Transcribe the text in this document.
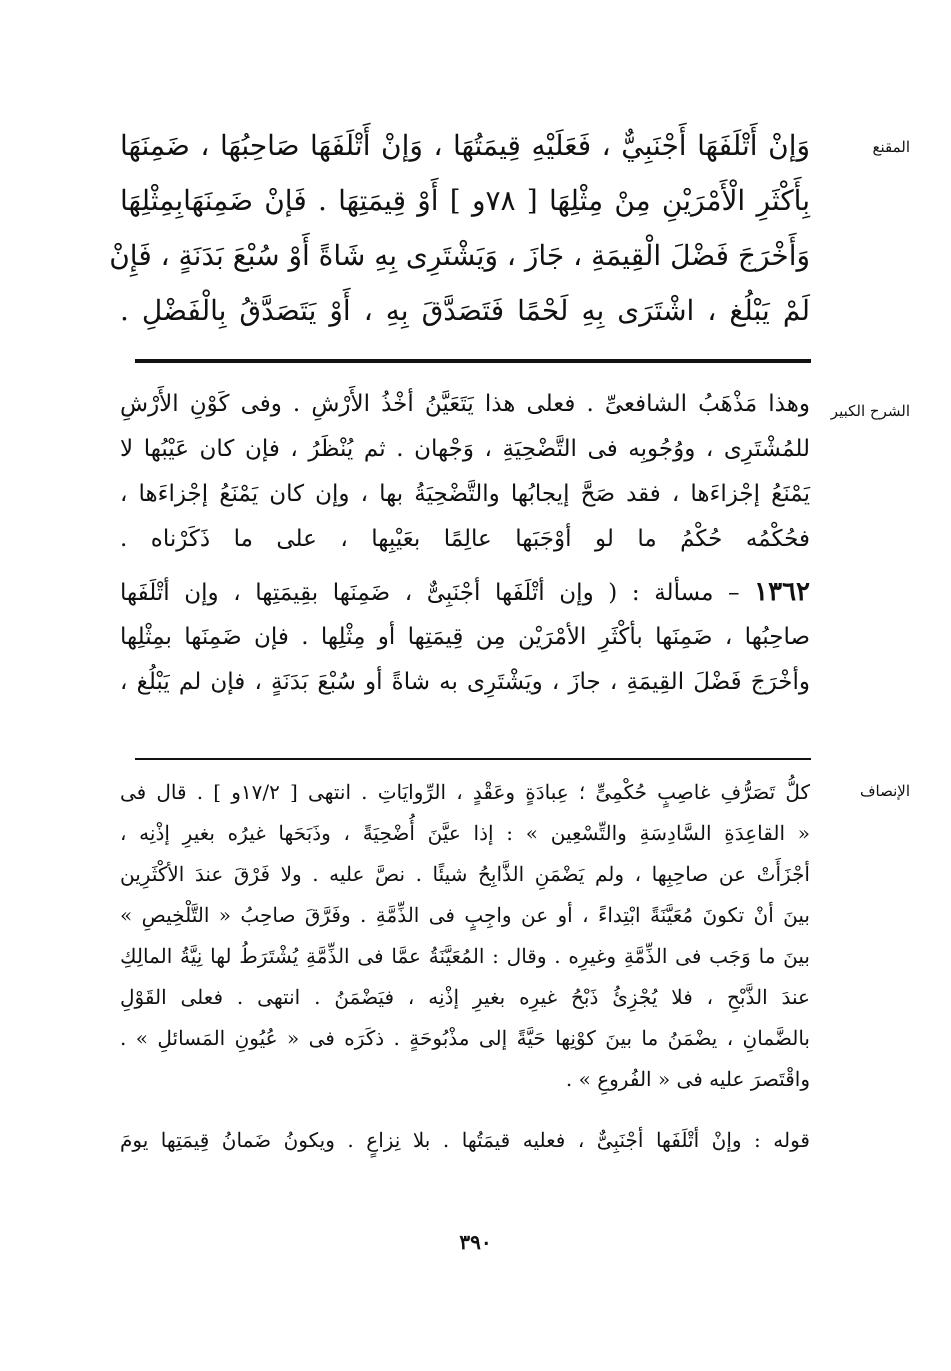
المقنع
وَإنْ أَتْلَفَهَا أَجْنَبِيٌّ ، فَعَلَيْهِ قِيمَتُهَا ، وَإنْ أَتْلَفَهَا صَاحِبُهَا ، ضَمِنَهَا
بِأَكْثَرِ الْأَمْرَيْنِ مِنْ مِثْلِهَا [ ٧٨و ] أَوْ قِيمَتِهَا . فَإنْ ضَمِنَهَابِمِثْلِهَا
وَأَخْرَجَ فَضْلَ الْقِيمَةِ ، جَازَ ، وَيَشْتَرِى بِهِ شَاةً أَوْ سُبْعَ بَدَنَةٍ ، فَإِنْ
لَمْ يَبْلُغ ، اشْتَرَى بِهِ لَحْمًا فَتَصَدَّقَ بِهِ ، أَوْ يَتَصَدَّقُ بِالْفَضْلِ .
الشرح الكبير
وهذا مَذْهَبُ الشافعىِّ . فعلى هذا يَتَعَيَّنُ أخْذُ الأَرْشِ . وفى كَوْنِ الأَرْشِ
للمُشْتَرِى ، ووُجُوبِه فى التَّضْحِيَةِ ، وَجْهان . ثم يُنْظَرُ ، فإن كان عَيْبُها لا
يَمْنَعُ إجْزاءَها ، فقد صَحَّ إيجابُها والتَّضْحِيَةُ بها ، وإن كان يَمْنَعُ إجْزاءَها ،
فحُكْمُه حُكْمُ ما لو أوْجَبَها عالِمًا بعَيْبِها ، على ما ذَكَرْناه .
١٣٦٢ – مسألة : ( وإن أتْلَفَها أجْنَبِىٌّ ، ضَمِنَها بقِيمَتِها ، وإن أتْلَفَها
صاحِبُها ، ضَمِنَها بأكْثَرِ الأمْرَيْن مِن قِيمَتِها أو مِثْلِها . فإن ضَمِنَها بمِثْلِها
وأخْرَجَ فَضْلَ القِيمَةِ ، جازَ ، ويَشْتَرِى به شاةً أو سُبْعَ بَدَنَةٍ ، فإن لم يَبْلُغ ،
الإنصاف
كلُّ تَصَرُّفِ غاصِبٍ حُكْمِىٍّ ؛ عِبادَةٍ وعَقْدٍ ، الرِّوايَاتِ . انتهى [ ١٧/٢و ] . قال فى
« القاعِدَةِ السَّادِسَةِ والتِّسْعِين » : إذا عيَّنَ أُضْحِيَةً ، وذَبَحَها غيرُه بغيرِ إذْنِه ،
أجْزَأَتْ عن صاحِبِها ، ولم يَضْمَنِ الذَّابِحُ شيئًا . نصَّ عليه . ولا فَرْقَ عندَ الأكْثَرِين
بينَ أنْ تكونَ مُعَيَّنَةً ابْتِداءً ، أو عن واجِبٍ فى الذِّمَّةِ . وفَرَّقَ صاحِبُ « التَّلْخِيصِ »
بينَ ما وَجَب فى الذِّمَّةِ وغيرِه . وقال : المُعَيَّنَةُ عمَّا فى الذِّمَّةِ يُشْتَرَطُ لها نِيَّةُ المالِكِ
عندَ الذَّبْحِ ، فلا يُجْزِئُ ذَبْحُ غيرِه بغيرِ إذْنِه ، فيَضْمَنُ . انتهى . فعلى القَوْلِ
بالضَّمانِ ، يضْمَنُ ما بينَ كوْنِها حَيَّةً إلى مذْبُوحَةٍ . ذكَرَه فى « عُيُونِ المَسائلِ » .
واقْتَصرَ عليه فى « الفُروعِ » .
قوله : وإنْ أتْلَفَها أجْنَبِىٌّ ، فعليه قيمَتُها . بلا نِزاعٍ . ويكونُ ضَمانُ قِيمَتِها يومَ
٣٩٠
